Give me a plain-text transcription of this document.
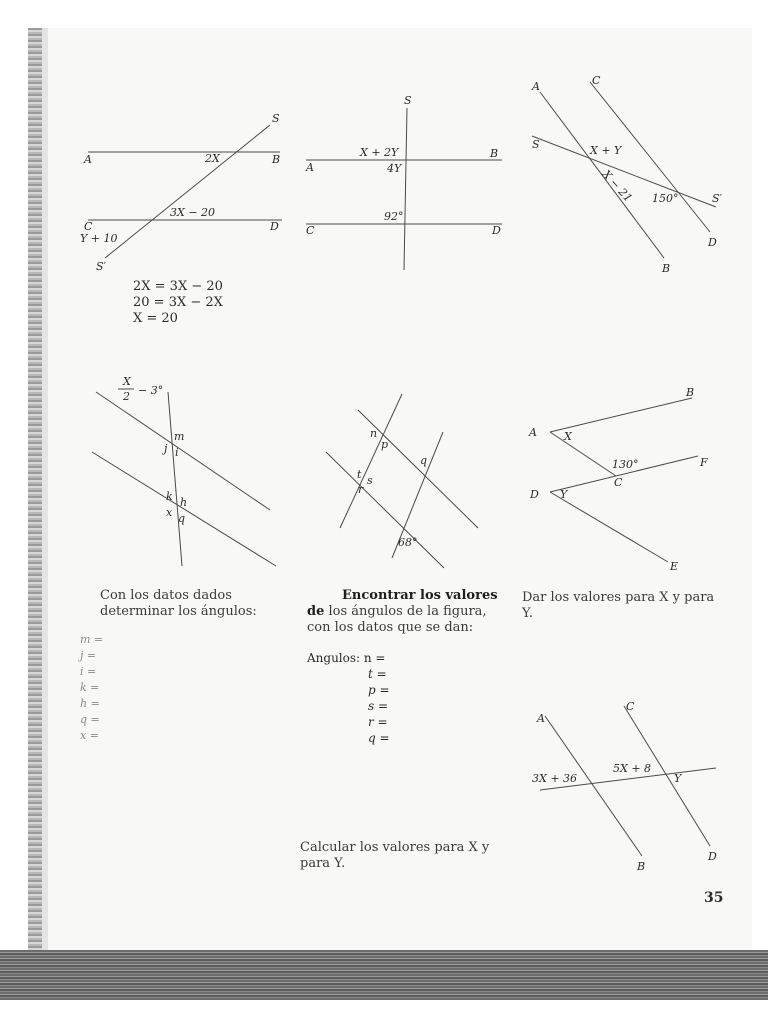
S
A	2X	B
3X − 20
C	D
Y + 10
S′
2X = 3X − 20
20 = 3X − 2X
X = 20
S
X + 2Y	B
A	4Y
92°
C	D
A	C
S	X + Y
X − 21 150°	S′
D
B
X
2 − 3°
m
j i
k h
x q
n
p
q
t s
r
68°
A X
B
130°	F
C
D Y
E
A
C
3X + 36
5X + 8
Y
B
D
Con los datos dados determinar los ángulos:
Encontrar los valores de los ángulos de la figura, con los datos que se dan:
Dar los valores para X y para Y.
m =
j =
i =
k =
h =
q =
x =
Angulos: n =
t =
p =
s =
r =
q =
Calcular los valores para X y para Y.
35
